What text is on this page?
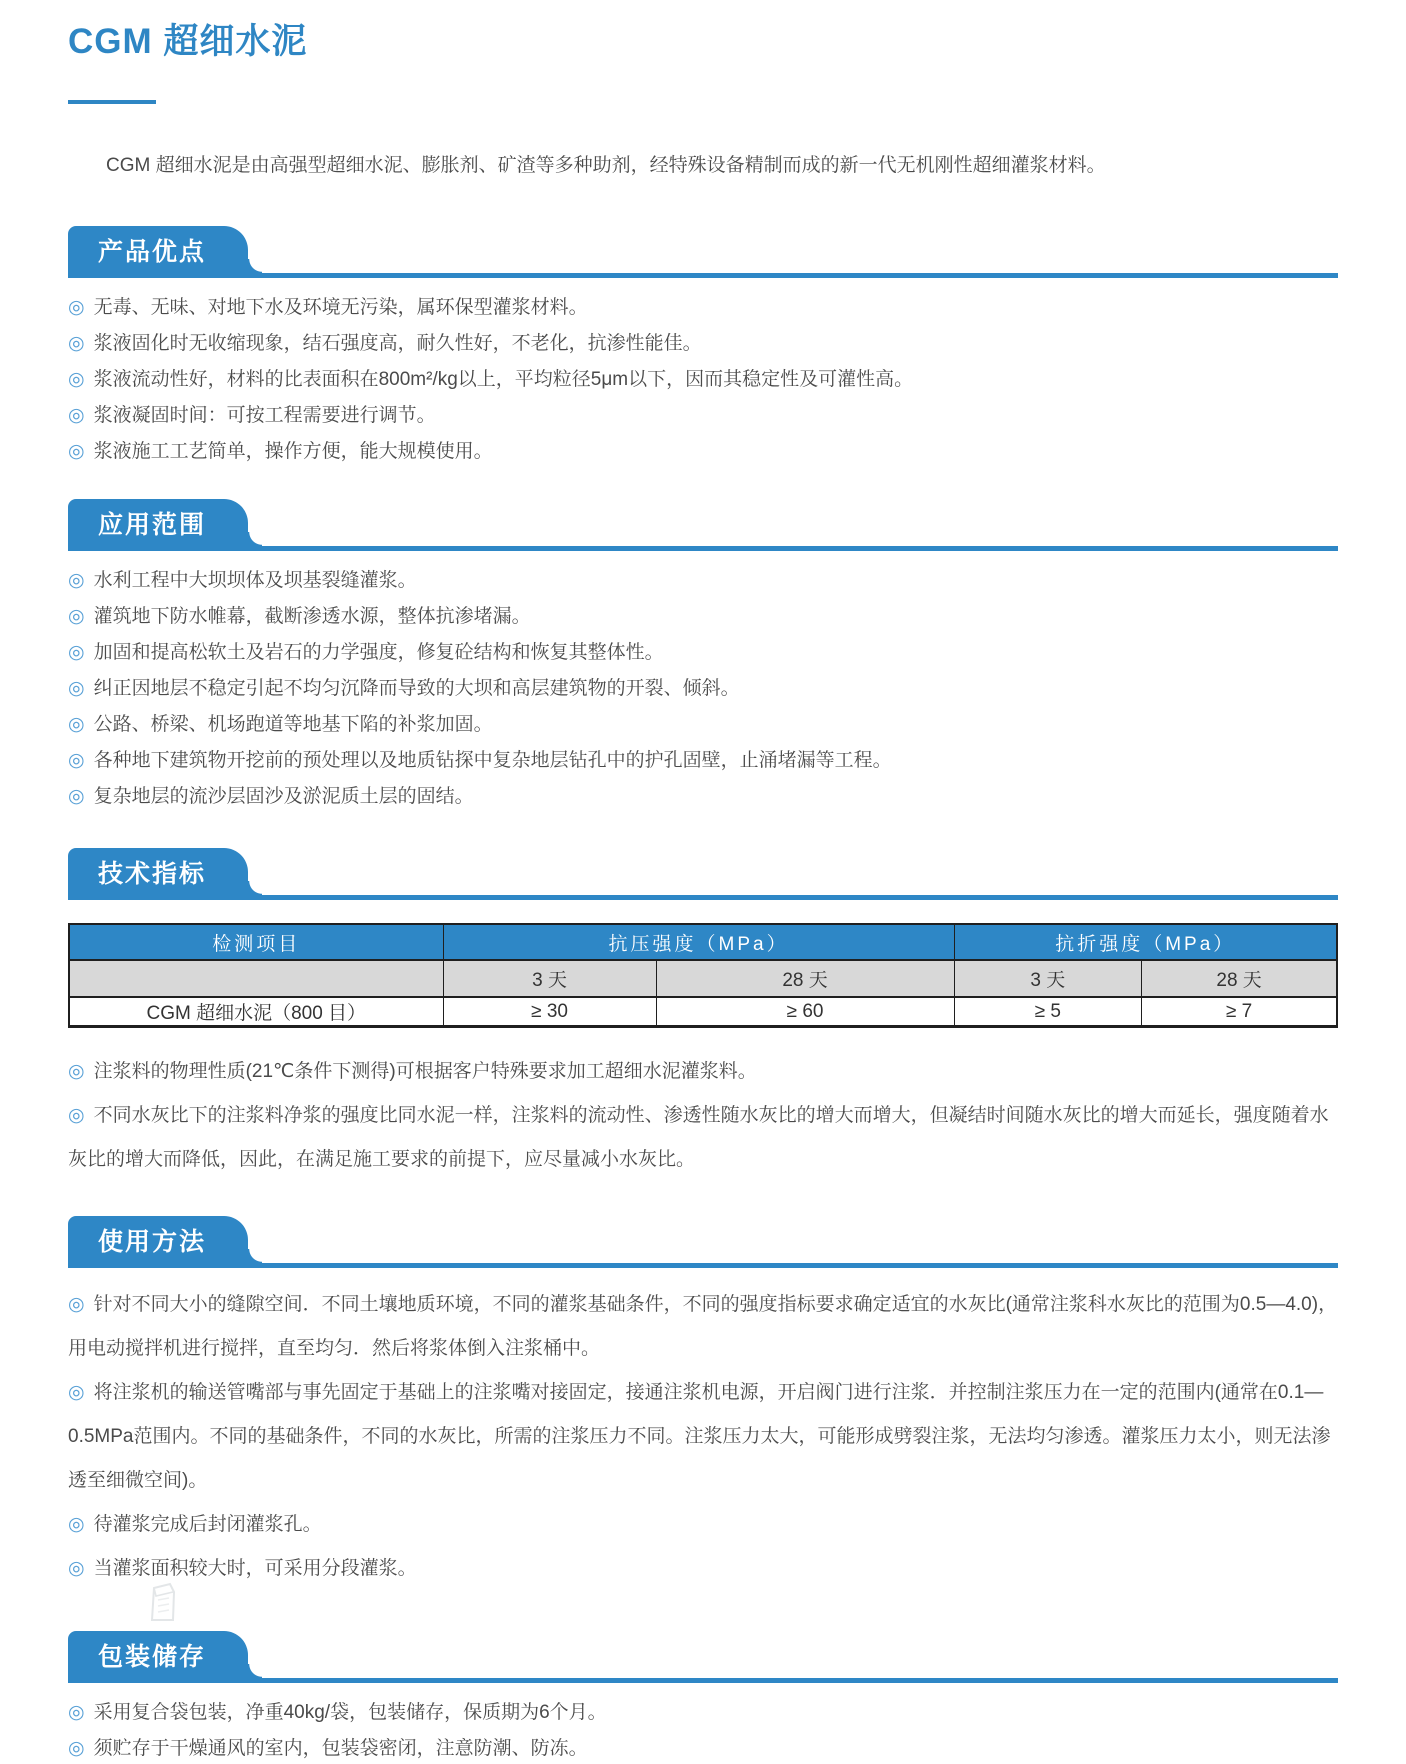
CGM 超细水泥

CGM 超细水泥是由高强型超细水泥、膨胀剂、矿渣等多种助剂，经特殊设备精制而成的新一代无机刚性超细灌浆材料。

产品优点
◎ 无毒、无味、对地下水及环境无污染，属环保型灌浆材料。
◎ 浆液固化时无收缩现象，结石强度高，耐久性好，不老化，抗渗性能佳。
◎ 浆液流动性好，材料的比表面积在800m²/kg以上，平均粒径5μm以下，因而其稳定性及可灌性高。
◎ 浆液凝固时间：可按工程需要进行调节。
◎ 浆液施工工艺简单，操作方便，能大规模使用。
应用范围
◎ 水利工程中大坝坝体及坝基裂缝灌浆。
◎ 灌筑地下防水帷幕，截断渗透水源，整体抗渗堵漏。
◎ 加固和提高松软土及岩石的力学强度，修复砼结构和恢复其整体性。
◎ 纠正因地层不稳定引起不均匀沉降而导致的大坝和高层建筑物的开裂、倾斜。
◎ 公路、桥梁、机场跑道等地基下陷的补浆加固。
◎ 各种地下建筑物开挖前的预处理以及地质钻探中复杂地层钻孔中的护孔固壁，止涌堵漏等工程。
◎ 复杂地层的流沙层固沙及淤泥质土层的固结。
技术指标
检测项目	抗压强度（MPa）		抗折强度（MPa）	
	3 天	28 天	3 天	28 天
CGM 超细水泥（800 目）	≥ 30	≥ 60	≥ 5	≥ 7
◎ 注浆料的物理性质(21℃条件下测得)可根据客户特殊要求加工超细水泥灌浆料。
◎ 不同水灰比下的注浆料净浆的强度比同水泥一样，注浆料的流动性、渗透性随水灰比的增大而增大，但凝结时间随水灰比的增大而延长，强度随着水灰比的增大而降低，因此，在满足施工要求的前提下，应尽量减小水灰比。
使用方法
◎ 针对不同大小的缝隙空间．不同土壤地质环境，不同的灌浆基础条件，不同的强度指标要求确定适宜的水灰比(通常注浆科水灰比的范围为0.5—4.0)，用电动搅拌机进行搅拌，直至均匀．然后将浆体倒入注浆桶中。
◎ 将注浆机的输送管嘴部与事先固定于基础上的注浆嘴对接固定，接通注浆机电源，开启阀门进行注浆．并控制注浆压力在一定的范围内(通常在0.1—0.5MPa范围内。不同的基础条件，不同的水灰比，所需的注浆压力不同。注浆压力太大，可能形成劈裂注浆，无法均匀渗透。灌浆压力太小，则无法渗透至细微空间)。
◎ 待灌浆完成后封闭灌浆孔。
◎ 当灌浆面积较大时，可采用分段灌浆。
包装储存
◎ 采用复合袋包装，净重40kg/袋，包装储存，保质期为6个月。
◎ 须贮存于干燥通风的室内，包装袋密闭，注意防潮、防冻。
